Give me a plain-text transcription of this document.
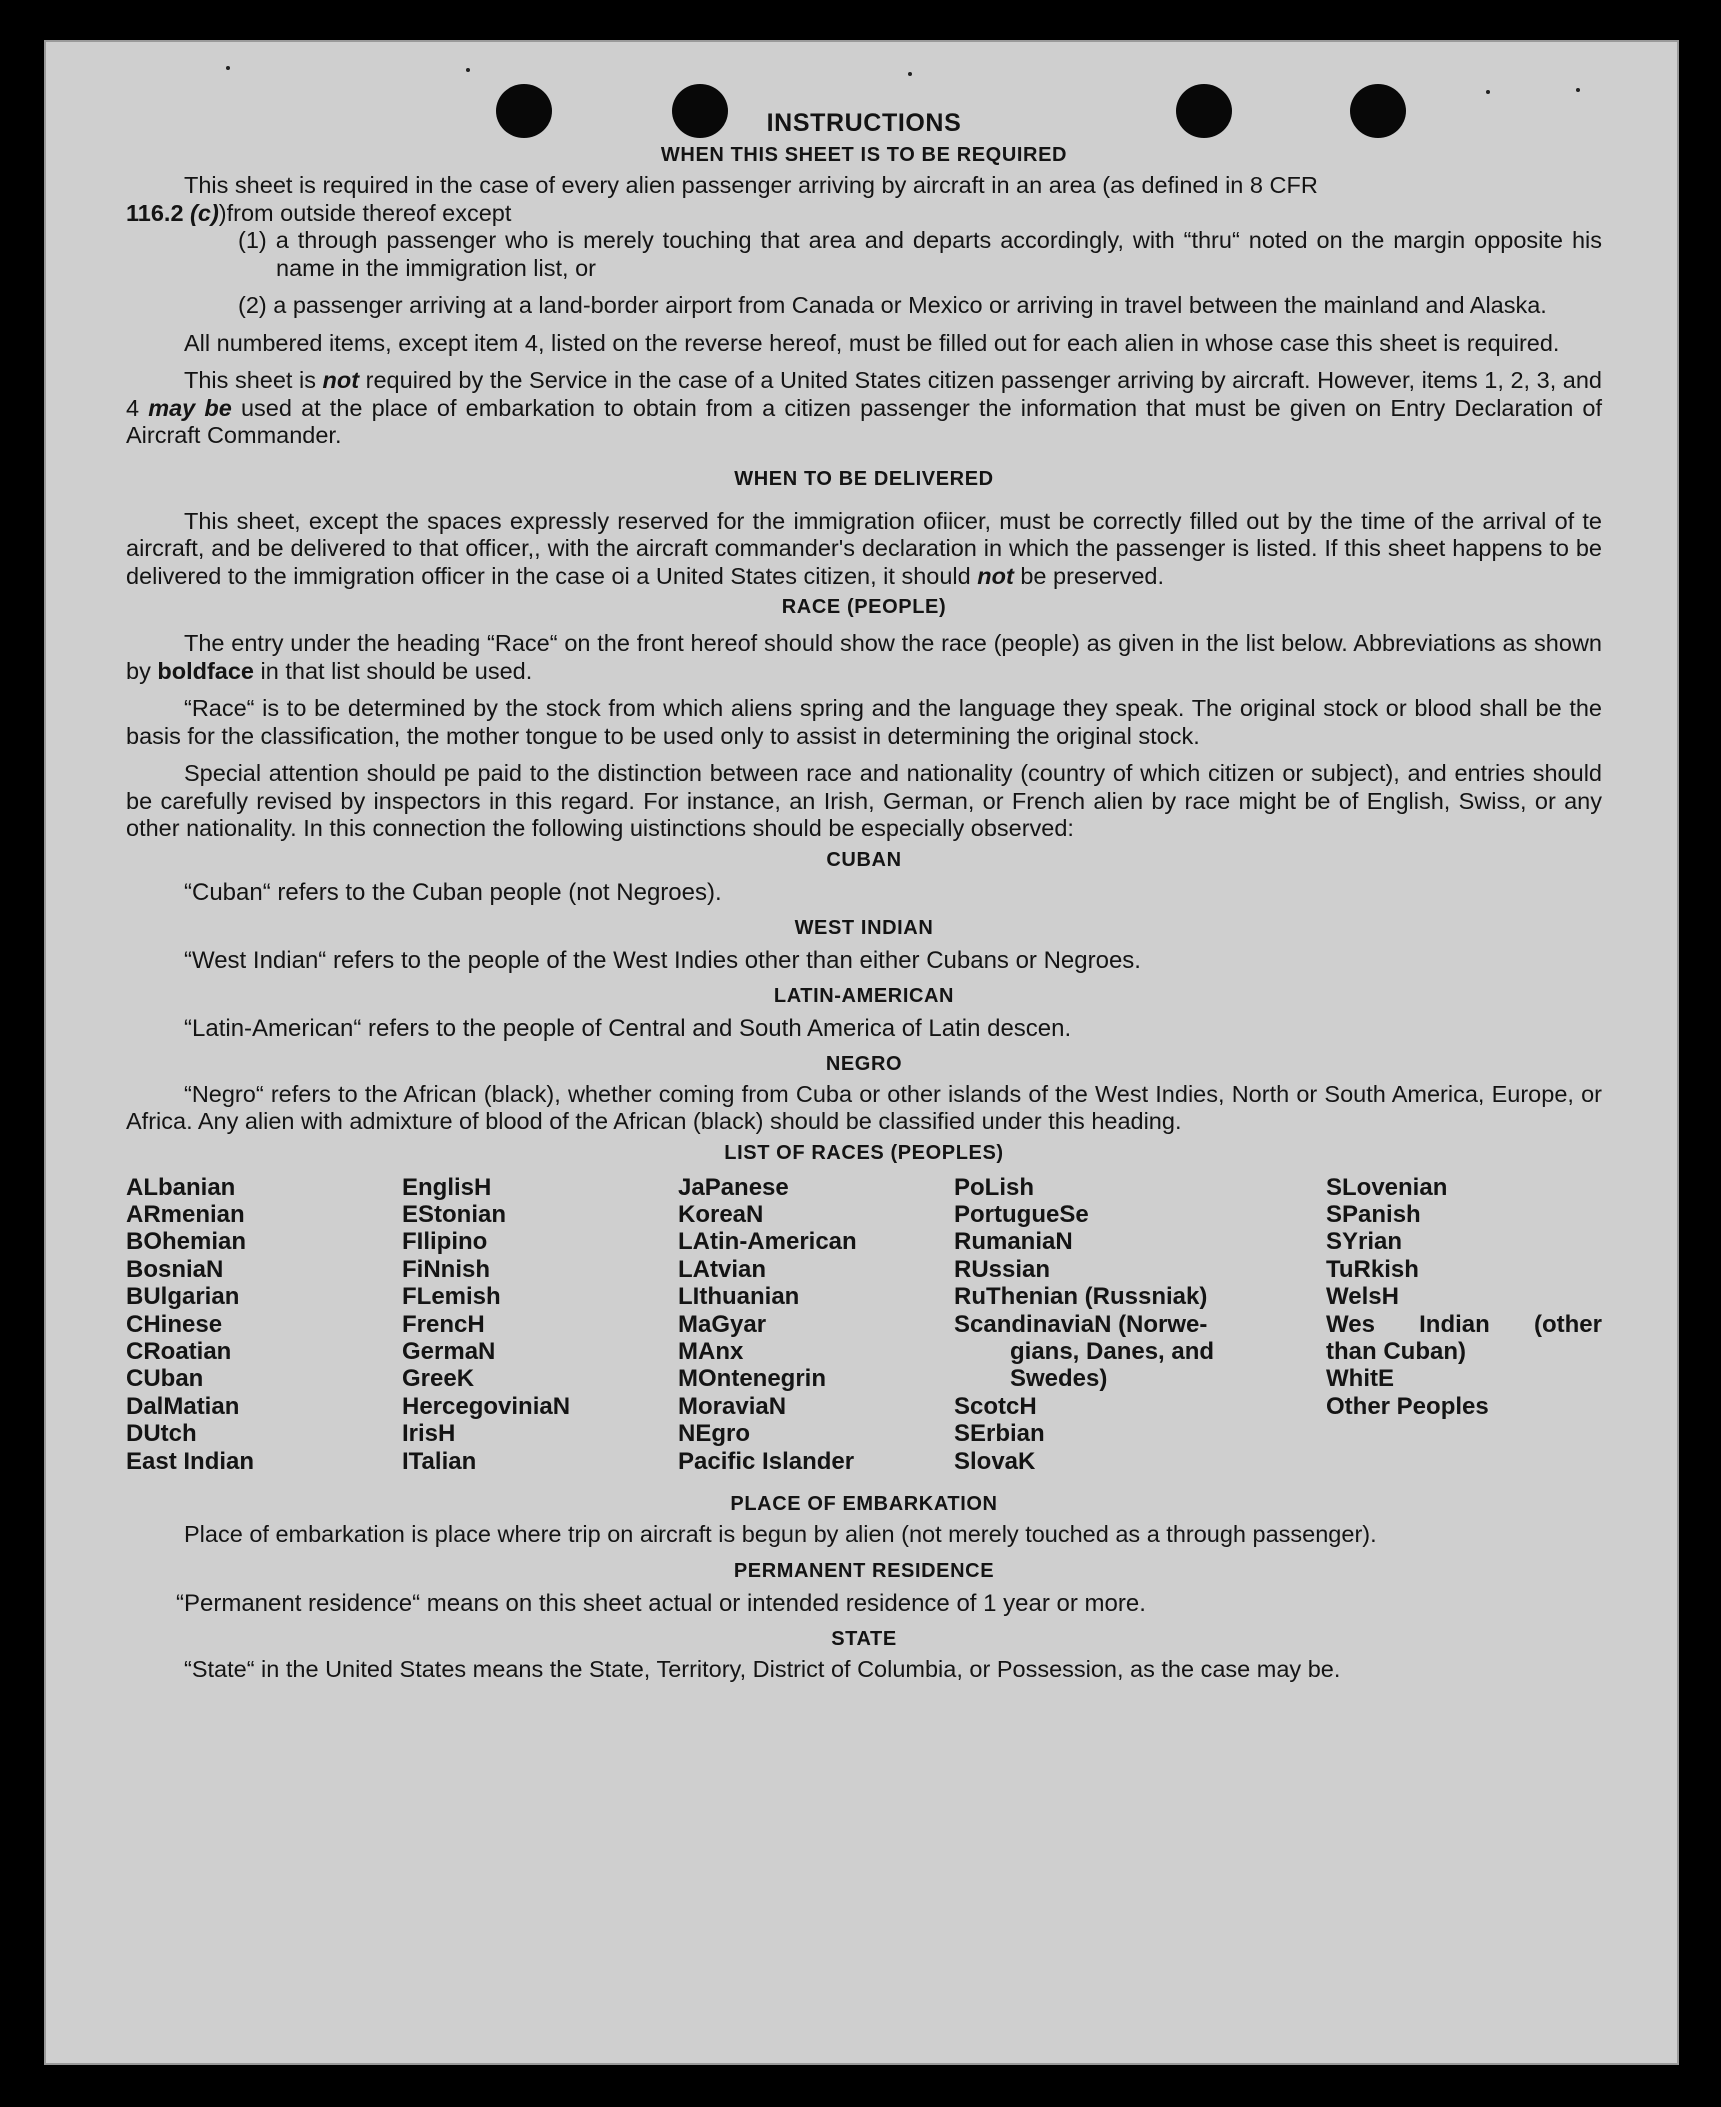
INSTRUCTIONS
WHEN THIS SHEET IS TO BE REQUIRED

This sheet is required in the case of every alien passenger arriving by aircraft in an area (as defined in 8 CFR
116.2 (c))from outside thereof except

(1) a through passenger who is merely touching that area and departs accordingly, with “thru“ noted on the margin opposite his name in the immigration list, or

(2) a passenger arriving at a land-border airport from Canada or Mexico or arriving in travel between the mainland and Alaska.

All numbered items, except item 4, listed on the reverse hereof, must be filled out for each alien in whose case this sheet is required.

This sheet is not required by the Service in the case of a United States citizen passenger arriving by aircraft. However, items 1, 2, 3, and 4 may be used at the place of embarkation to obtain from a citizen passenger the information that must be given on Entry Declaration of Aircraft Commander.

WHEN TO BE DELIVERED

This sheet, except the spaces expressly reserved for the immigration ofiicer, must be correctly filled out by the time of the arrival of te aircraft, and be delivered to that officer,, with the aircraft commander's declaration in which the passenger is listed. If this sheet happens to be delivered to the immigration officer in the case oi a United States citizen, it should not be preserved.

RACE (PEOPLE)

The entry under the heading “Race“ on the front hereof should show the race (people) as given in the list below. Abbreviations as shown by boldface in that list should be used.

“Race“ is to be determined by the stock from which aliens spring and the language they speak. The original stock or blood shall be the basis for the classification, the mother tongue to be used only to assist in determining the original stock.

Special attention should pe paid to the distinction between race and nationality (country of which citizen or subject), and entries should be carefully revised by inspectors in this regard. For instance, an Irish, German, or French alien by race might be of English, Swiss, or any other nationality. In this connection the following uistinctions should be especially observed:

CUBAN
“Cuban“ refers to the Cuban people (not Negroes).
WEST INDIAN
“West Indian“ refers to the people of the West Indies other than either Cubans or Negroes.
LATIN-AMERICAN
“Latin-American“ refers to the people of Central and South America of Latin descen.
NEGRO

“Negro“ refers to the African (black), whether coming from Cuba or other islands of the West Indies, North or South America, Europe, or Africa. Any alien with admixture of blood of the African (black) should be classified under this heading.

LIST OF RACES (PEOPLES)
ALbanian
ARmenian
BOhemian
BosniaN
BUlgarian
CHinese
CRoatian
CUban
DalMatian
DUtch
East Indian
EnglisH
EStonian
FIlipino
FiNnish
FLemish
FrencH
GermaN
GreeK
HercegoviniaN
IrisH
ITalian
JaPanese
KoreaN
LAtin-American
LAtvian
LIthuanian
MaGyar
MAnx
MOntenegrin
MoraviaN
NEgro
Pacific Islander
PoLish
PortugueSe
RumaniaN
RUssian
RuThenian (Russniak)
ScandinaviaN (Norwe-
gians, Danes, and
Swedes)
ScotcH
SErbian
SlovaK
SLovenian
SPanish
SYrian
TuRkish
WelsH
Wes Indian (other
than Cuban)
WhitE
Other Peoples
PLACE OF EMBARKATION

Place of embarkation is place where trip on aircraft is begun by alien (not merely touched as a through passenger).

PERMANENT RESIDENCE
“Permanent residence“ means on this sheet actual or intended residence of 1 year or more.
STATE

“State“ in the United States means the State, Territory, District of Columbia, or Possession, as the case may be.
